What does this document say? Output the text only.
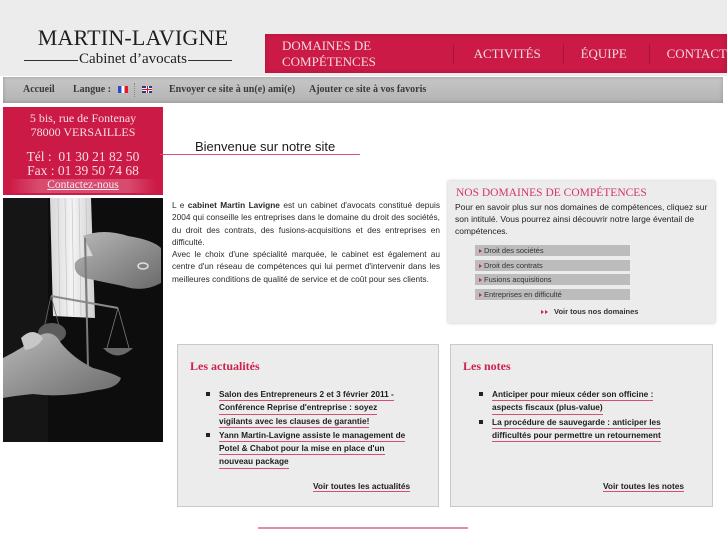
MARTIN-LAVIGNE
Cabinet d’avocats
DOMAINES DE COMPÉTENCES
ACTIVITÉS	ÉQUIPE	CONTACT
Accueil Langue :	Envoyer ce site à un(e) ami(e) Ajouter ce site à vos favoris
5 bis, rue de Fontenay
78000 VERSAILLES
Tél :  01 30 21 82 50
Fax : 01 39 50 74 68
Contactez-nous
Bienvenue sur notre site

L e cabinet Martin Lavigne est un cabinet d'avocats constitué depuis 2004 qui conseille les entreprises dans le domaine du droit des sociétés, du droit des contrats, des fusions-acquisitions et des entreprises en difficulté.

Avec le choix d'une spécialité marquée, le cabinet est également au centre d'un réseau de compétences qui lui permet d'intervenir dans les meilleures conditions de qualité de service et de coût pour ses clients.

NOS DOMAINES DE COMPÉTENCES

Pour en savoir plus sur nos domaines de compétences, cliquez sur son intitulé. Vous pourrez ainsi découvrir notre large éventail de compétences.

Droit des sociétés
Droit des contrats
Fusions acquisitions
Entreprises en difficulté
Voir tous nos domaines
Les actualités
Salon des Entrepreneurs 2 et 3 février 2011 -
Conférence Reprise d'entreprise : soyez
vigilants avec les clauses de garantie!
Yann Martin-Lavigne assiste le management de
Potel & Chabot pour la mise en place d'un
nouveau package
Voir toutes les actualités
Les notes
Anticiper pour mieux céder son officine :
aspects fiscaux (plus-value)
La procédure de sauvegarde : anticiper les
difficultés pour permettre un retournement
Voir toutes les notes
